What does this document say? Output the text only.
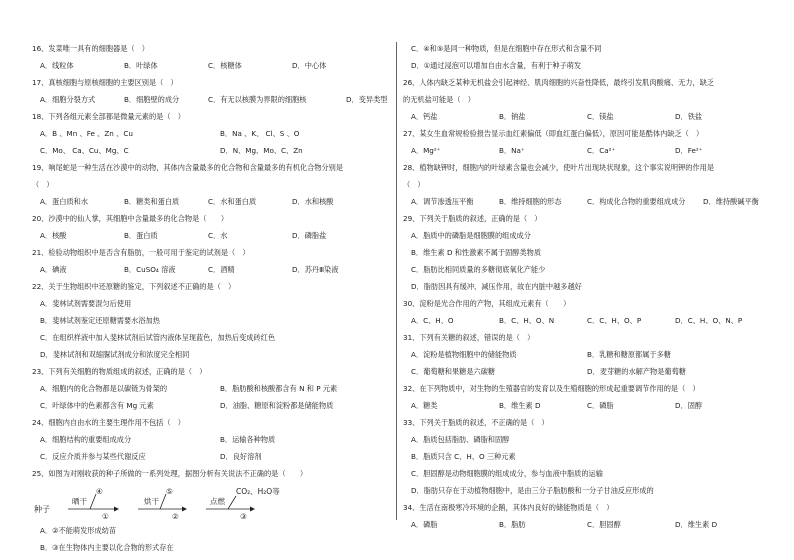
16、发菜唯一具有的细胞器是（　）
A．线粒体	B．叶绿体	C．核糖体	D．中心体
17、真核细胞与原核细胞的主要区别是（　）
A．细胞分裂方式	B．细胞壁的成分	C．有无以核膜为界限的细胞核	D．变异类型
18、下列各组元素全部都是微量元素的是（　）
A．B 、Mn 、Fe 、Zn 、Cu	B．Na 、K、 Cl、S 、O
C．Mo、 Ca、Cu、Mg、C	D．N、Mg、Mo、C、Zn
19、响尾蛇是一种生活在沙漠中的动物，其体内含量最多的化合物和含量最多的有机化合物分别是
（　）
A．蛋白质和水	B．糖类和蛋白质	C．水和蛋白质	D．水和核酸
20、沙漠中的仙人掌，其细胞中含量最多的化合物是（　　）
A．核酸	B．蛋白质	C．水	D．磷脂盐
21、检验动物组织中是否含有脂肪，一般可用于鉴定的试剂是（　）
A．碘液	B．CuSO₄ 溶液	C．酒精	D．苏丹Ⅲ染液
22、关于生物组织中还原糖的鉴定，下列叙述不正确的是（　）
A．斐林试剂需要混匀后使用
B．斐林试剂鉴定还原糖需要水浴加热
C．在组织样液中加入斐林试剂后试管内液体呈现蓝色，加热后变成砖红色
D．斐林试剂和双缩脲试剂成分和浓度完全相同
23、下列有关细胞的物质组成的叙述，正确的是（　）
A．细胞内的化合物都是以碳链为骨架的	B．脂肪酸和核酸都含有 N 和 P 元素
C．叶绿体中的色素都含有 Mg 元素	D．油脂、糖原和淀粉都是储能物质
24、细胞内自由水的主要生理作用不包括（　）
A．细胞结构的重要组成成分	B．运输各种物质
C．反应介质并参与某些代谢反应	D．良好溶剂
25、如图为对刚收获的种子所做的一系列处理，据图分析有关说法不正确的是（　　）
种子
晒干
④
①
烘干
⑤
②
点燃
CO₂、H₂O等
③
A．②不能萌发形成幼苗
B．③在生物体内主要以化合物的形式存在
C．④和⑤是同一种物质，但是在细胞中存在形式和含量不同
D．①通过浸泡可以增加自由水含量，有利于种子萌发
26、人体内缺乏某种无机盐会引起神经、肌肉细胞的兴奋性降低，最终引发肌肉酸痛、无力，缺乏
的无机盐可能是（　）
A．钙盐	B．钠盐	C．镁盐	D．铁盐
27、某女生血常规检验报告显示血红素偏低（即血红蛋白偏低），原因可能是酷体内缺乏（　）
A．Mg²⁺	B．Na⁺	C．Ca²⁺	D．Fe²⁺
28、植物缺钾时，细胞内的叶绿素含量也会减少，使叶片出现块状现象，这个事实说明钾的作用是
（　）
A．调节渗透压平衡	B．维持细胞的形态	C．构成化合物的重要组成成分 D．维持酸碱平衡
29、下列关于脂质的叙述，正确的是（　）
A．脂质中的磷脂是细胞膜的组成成分
B．维生素 D 和性激素不属于固醇类物质
C．脂肪比相同质量的多糖彻底氧化产能少
D．脂肪因具有缓冲、减压作用，故在内脏中越多越好
30、淀粉是光合作用的产物，其组成元素有（　　）
A．C、H、O	B．C、H、O、N	C．C、H、O、P	D．C、H、O、N、P
31、下列有关糖的叙述，错误的是（　）
A．淀粉是植物细胞中的储能物质	B．乳糖和糖原都属于多糖
C．葡萄糖和果糖是六碳糖	D．麦芽糖的水解产物是葡萄糖
32、在下列物质中，对生物的生殖器官的发育以及生殖细胞的形成起重要调节作用的是（　）
A．糖类	B．维生素 D	C．磷脂	D．固醇
33、下列关于脂质的叙述，不正确的是（　）
A．脂质包括脂肪、磷脂和固醇
B．脂质只含 C、H、O 三种元素
C．胆固醇是动物细胞膜的组成成分，参与血液中脂质的运输
D．脂肪只存在于动植物细胞中，是由三分子脂肪酸和一分子甘油反应形成的
34、生活在南极寒冷环境的企鹅，其体内良好的储能物质是（　）
A．磷脂	B．脂肪	C．胆固醇	D．维生素 D
